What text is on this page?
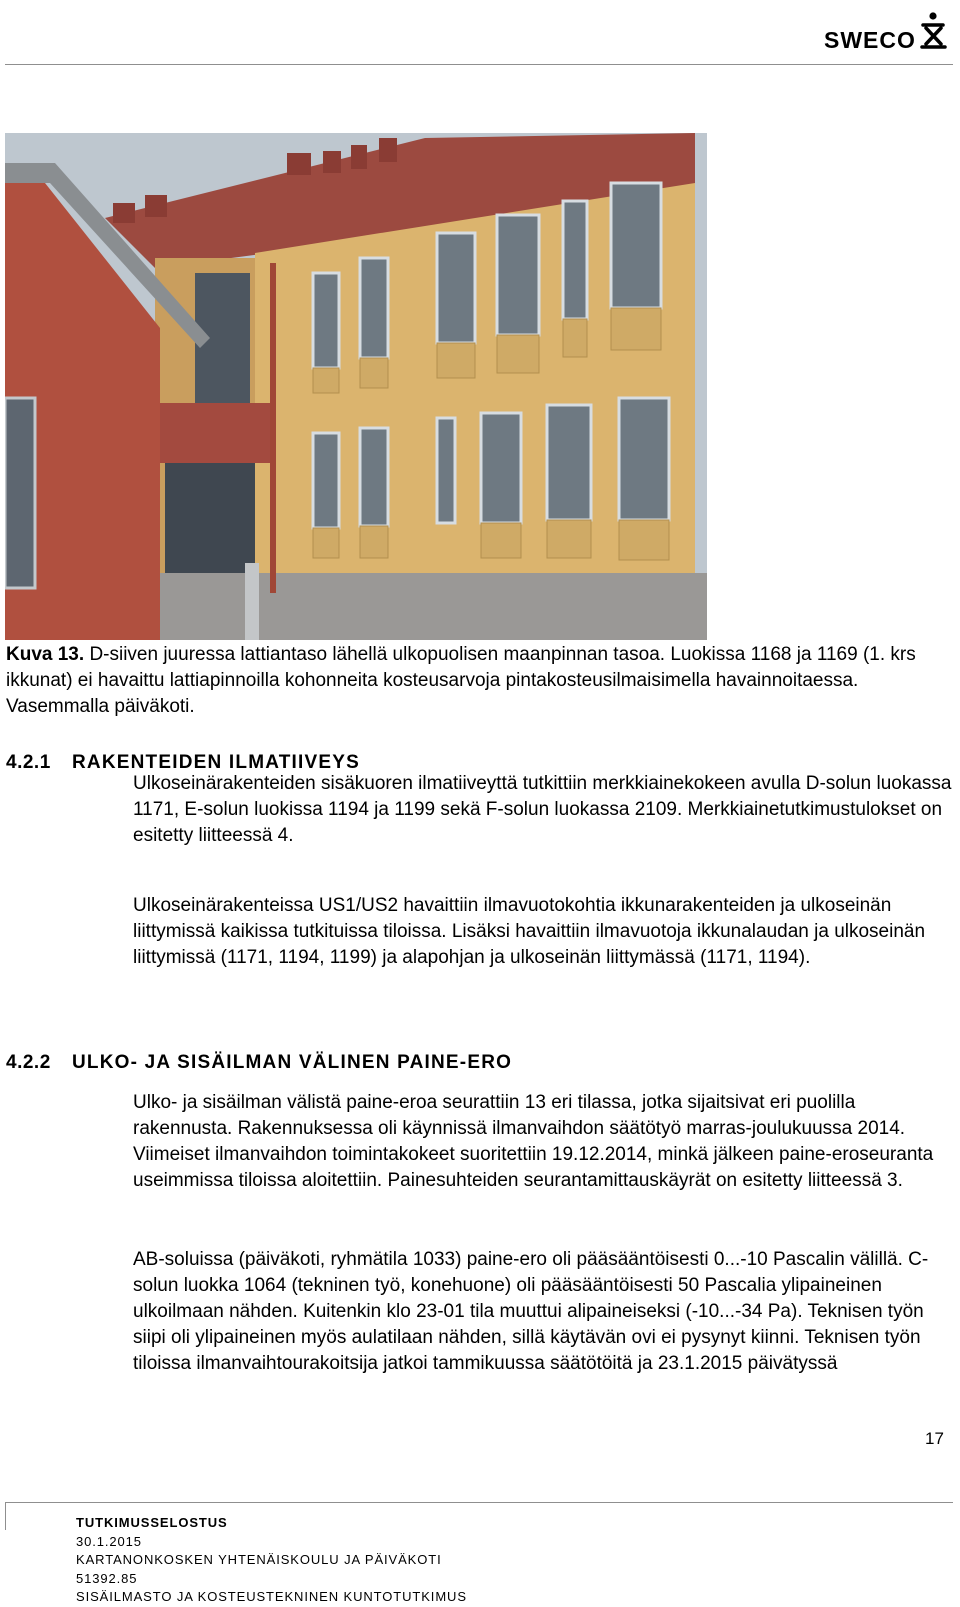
SWECO
Kuva 13. D-siiven juuressa lattiantaso lähellä ulkopuolisen maanpinnan tasoa. Luokissa 1168 ja 1169 (1. krs ikkunat) ei havaittu lattiapinnoilla kohonneita kosteusarvoja pintakosteusilmaisimella havainnoitaessa. Vasemmalla päiväkoti.
4.2.1 RAKENTEIDEN ILMATIIVEYS
Ulkoseinärakenteiden sisäkuoren ilmatiiveyttä tutkittiin merkkiainekokeen avulla D-solun luokassa 1171, E-solun luokissa 1194 ja 1199 sekä F-solun luokassa 2109. Merkkiainetutkimustulokset on esitetty liitteessä 4.
Ulkoseinärakenteissa US1/US2 havaittiin ilmavuotokohtia ikkunarakenteiden ja ulkoseinän liittymissä kaikissa tutkituissa tiloissa. Lisäksi havaittiin ilmavuotoja ikkunalaudan ja ulkoseinän liittymissä (1171, 1194, 1199) ja alapohjan ja ulkoseinän liittymässä (1171, 1194).
4.2.2 ULKO- JA SISÄILMAN VÄLINEN PAINE-ERO
Ulko- ja sisäilman välistä paine-eroa seurattiin 13 eri tilassa, jotka sijaitsivat eri puolilla rakennusta. Rakennuksessa oli käynnissä ilmanvaihdon säätötyö marras-joulukuussa 2014. Viimeiset ilmanvaihdon toimintakokeet suoritettiin 19.12.2014, minkä jälkeen paine-eroseuranta useimmissa tiloissa aloitettiin. Painesuhteiden seurantamittauskäyrät on esitetty liitteessä 3.
AB-soluissa (päiväkoti, ryhmätila 1033) paine-ero oli pääsääntöisesti 0...-10 Pascalin välillä. C-solun luokka 1064 (tekninen työ, konehuone) oli pääsääntöisesti 50 Pascalia ylipaineinen ulkoilmaan nähden. Kuitenkin klo 23-01 tila muuttui alipaineiseksi (-10...-34 Pa). Teknisen työn siipi oli ylipaineinen myös aulatilaan nähden, sillä käytävän ovi ei pysynyt kiinni. Teknisen työn tiloissa ilmanvaihtourakoitsija jatkoi tammikuussa säätötöitä ja 23.1.2015 päivätyssä
17
TUTKIMUSSELOSTUS
30.1.2015
KARTANONKOSKEN YHTENÄISKOULU JA PÄIVÄKOTI
51392.85
SISÄILMASTO JA KOSTEUSTEKNINEN KUNTOTUTKIMUS
